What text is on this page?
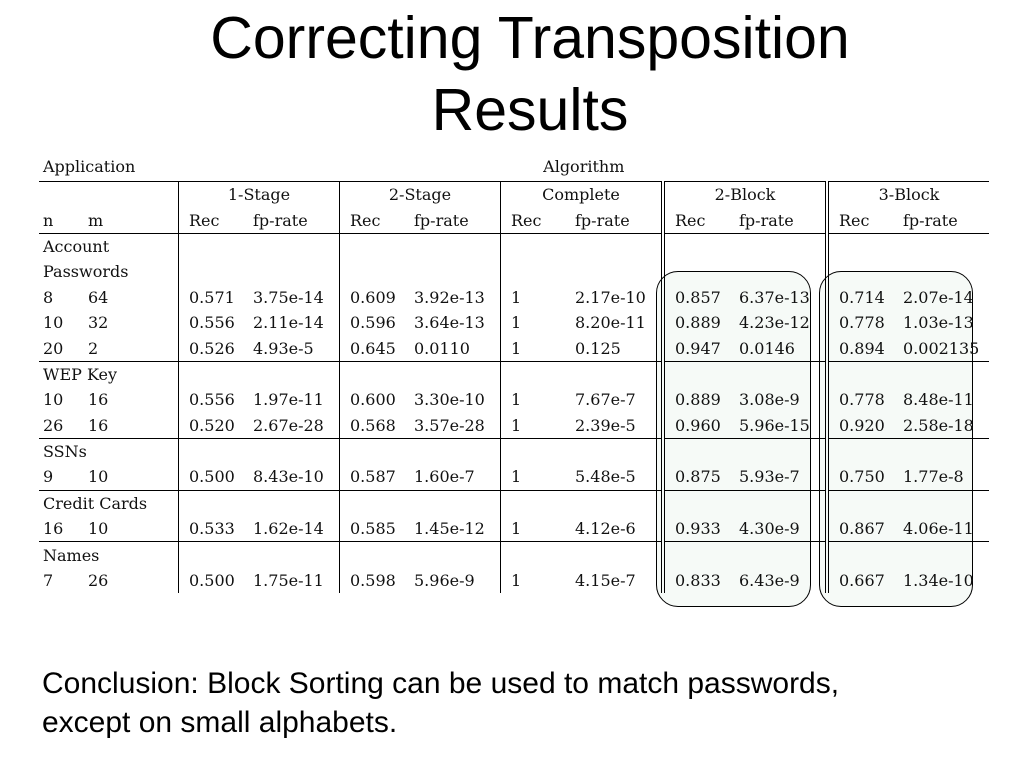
Correcting Transposition
Results
Application		Algorithm									
		1-Stage		2-Stage		Complete		2-Block		3-Block	
n	m	Rec	fp-rate	Rec	fp-rate	Rec	fp-rate	Rec	fp-rate	Rec	fp-rate
Account											
Passwords											
8	64	0.571	3.75e-14	0.609	3.92e-13	1	2.17e-10	0.857	6.37e-13	0.714	2.07e-14
10	32	0.556	2.11e-14	0.596	3.64e-13	1	8.20e-11	0.889	4.23e-12	0.778	1.03e-13
20	2	0.526	4.93e-5	0.645	0.0110	1	0.125	0.947	0.0146	0.894	0.002135
WEP Key											
10	16	0.556	1.97e-11	0.600	3.30e-10	1	7.67e-7	0.889	3.08e-9	0.778	8.48e-11
26	16	0.520	2.67e-28	0.568	3.57e-28	1	2.39e-5	0.960	5.96e-15	0.920	2.58e-18
SSNs											
9	10	0.500	8.43e-10	0.587	1.60e-7	1	5.48e-5	0.875	5.93e-7	0.750	1.77e-8
Credit Cards											
16	10	0.533	1.62e-14	0.585	1.45e-12	1	4.12e-6	0.933	4.30e-9	0.867	4.06e-11
Names											
7	26	0.500	1.75e-11	0.598	5.96e-9	1	4.15e-7	0.833	6.43e-9	0.667	1.34e-10
Conclusion: Block Sorting can be used to match passwords,
except on small alphabets.
